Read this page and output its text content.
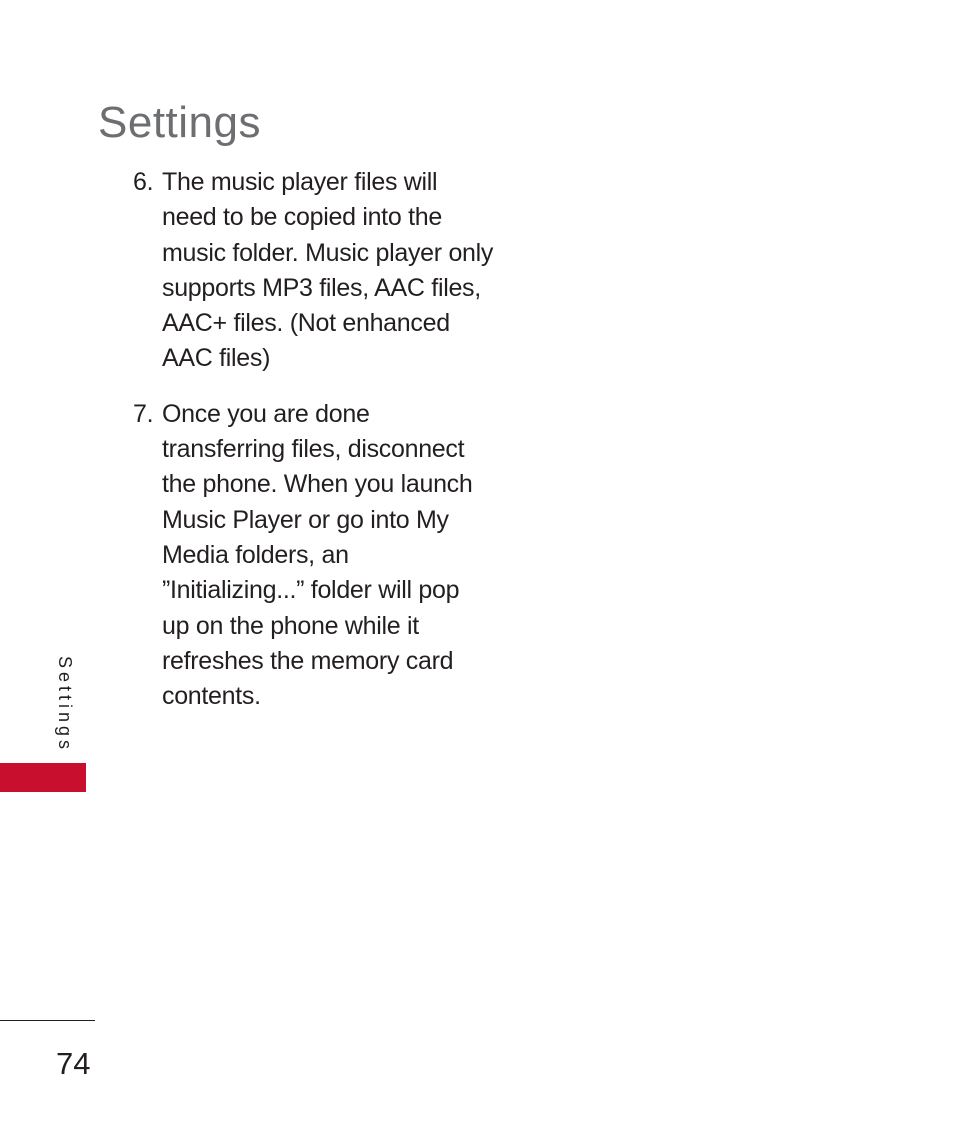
Settings
6. The music player files will
need to be copied into the
music folder. Music player only
supports MP3 files, AAC files,
AAC+ files. (Not enhanced
AAC files)
7. Once you are done
transferring files, disconnect
the phone. When you launch
Music Player or go into My
Media folders, an
”Initializing...” folder will pop
up on the phone while it
refreshes the memory card
contents.
Settings
74
